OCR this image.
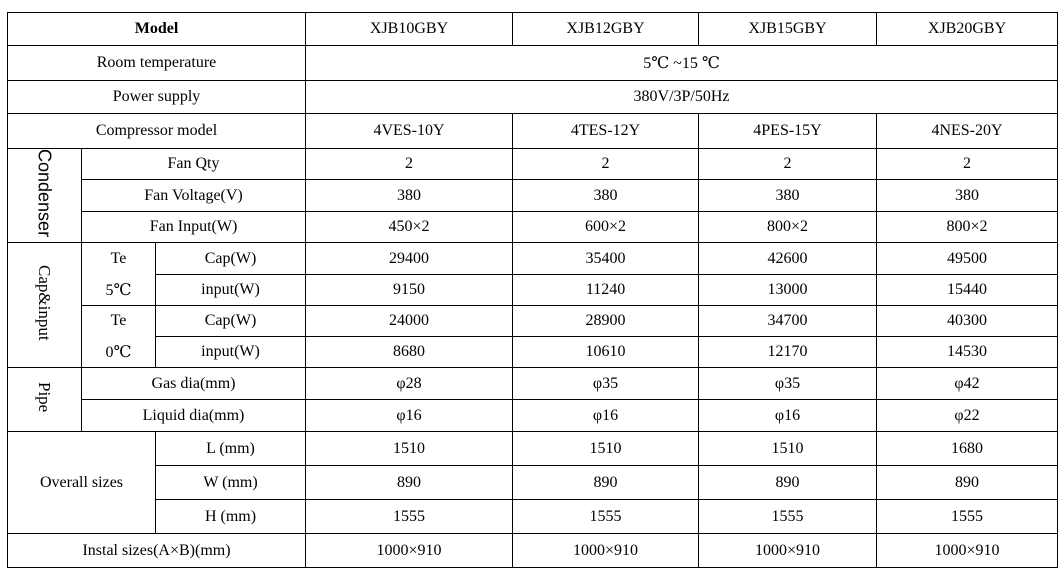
Model			XJB10GBY	XJB12GBY	XJB15GBY	XJB20GBY
Room temperature			5℃ ~15 ℃			
Power supply			380V/3P/50Hz			
Compressor model			4VES-10Y	4TES-12Y	4PES-15Y	4NES-20Y
Condenser	Fan Qty		2	2	2	2
	Fan Voltage(V)		380	380	380	380
	Fan Input(W)		450×2	600×2	800×2	800×2
Cap&input	Te	Cap(W)	29400	35400	42600	49500
	5℃	input(W)	9150	11240	13000	15440
	Te	Cap(W)	24000	28900	34700	40300
	0℃	input(W)	8680	10610	12170	14530
Pipe	Gas dia(mm)		φ28	φ35	φ35	φ42
	Liquid dia(mm)		φ16	φ16	φ16	φ22
Overall sizes		L (mm)	1510	1510	1510	1680
		W (mm)	890	890	890	890
		H (mm)	1555	1555	1555	1555
Instal sizes(A×B)(mm)			1000×910	1000×910	1000×910	1000×910
